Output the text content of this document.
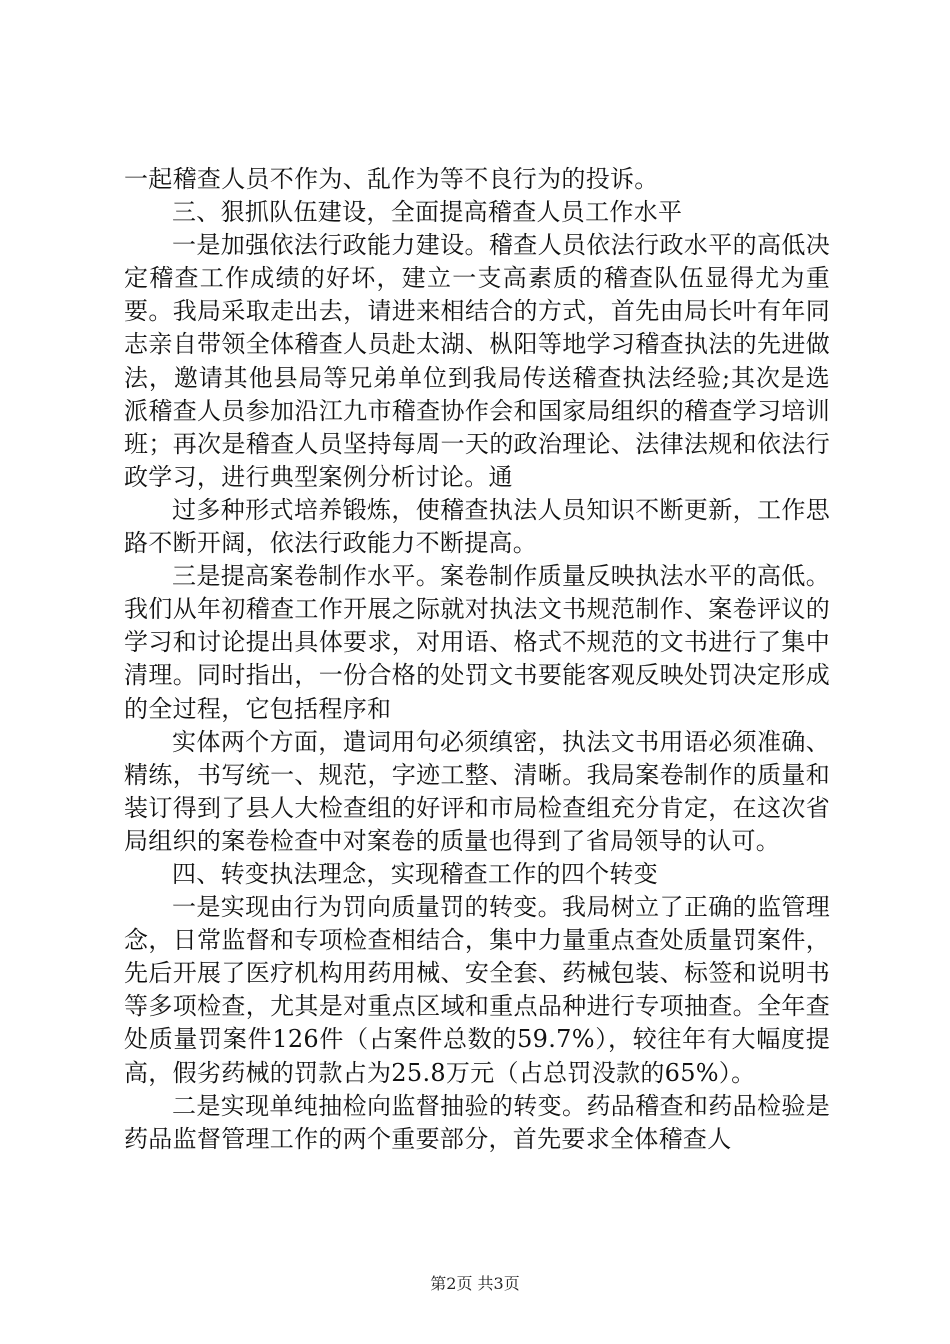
一起稽查人员不作为、乱作为等不良行为的投诉。

三、狠抓队伍建设，全面提高稽查人员工作水平

一是加强依法行政能力建设。稽查人员依法行政水平的高低决定稽查工作成绩的好坏，建立一支高素质的稽查队伍显得尤为重要。我局采取走出去，请进来相结合的方式，首先由局长叶有年同志亲自带领全体稽查人员赴太湖、枞阳等地学习稽查执法的先进做法，邀请其他县局等兄弟单位到我局传送稽查执法经验;其次是选派稽查人员参加沿江九市稽查协作会和国家局组织的稽查学习培训班；再次是稽查人员坚持每周一天的政治理论、法律法规和依法行政学习，进行典型案例分析讨论。通

过多种形式培养锻炼，使稽查执法人员知识不断更新，工作思路不断开阔，依法行政能力不断提高。

三是提高案卷制作水平。案卷制作质量反映执法水平的高低。我们从年初稽查工作开展之际就对执法文书规范制作、案卷评议的学习和讨论提出具体要求，对用语、格式不规范的文书进行了集中清理。同时指出，一份合格的处罚文书要能客观反映处罚决定形成的全过程，它包括程序和

实体两个方面，遣词用句必须缜密，执法文书用语必须准确、精练，书写统一、规范，字迹工整、清晰。我局案卷制作的质量和装订得到了县人大检查组的好评和市局检查组充分肯定，在这次省局组织的案卷检查中对案卷的质量也得到了省局领导的认可。

四、转变执法理念，实现稽查工作的四个转变

一是实现由行为罚向质量罚的转变。我局树立了正确的监管理念，日常监督和专项检查相结合，集中力量重点查处质量罚案件，先后开展了医疗机构用药用械、安全套、药械包装、标签和说明书等多项检查，尤其是对重点区域和重点品种进行专项抽查。全年查处质量罚案件126件（占案件总数的59.7%），较往年有大幅度提高，假劣药械的罚款占为25.8万元（占总罚没款的65%）。

二是实现单纯抽检向监督抽验的转变。药品稽查和药品检验是药品监督管理工作的两个重要部分，首先要求全体稽查人

第2页 共3页
